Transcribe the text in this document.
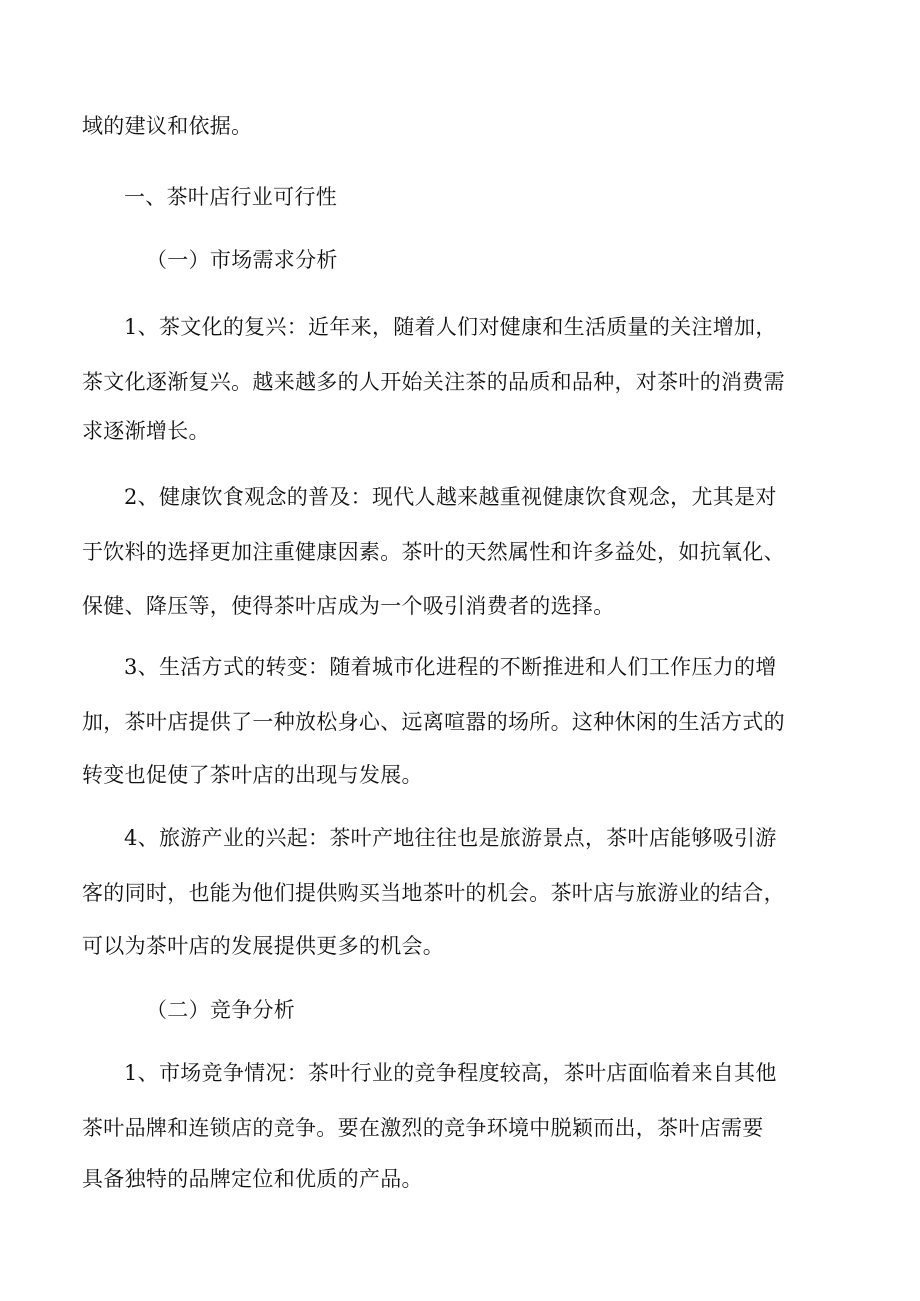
域的建议和依据。

一、茶叶店行业可行性

（一）市场需求分析

1、茶文化的复兴：近年来，随着人们对健康和生活质量的关注增加，

茶文化逐渐复兴。越来越多的人开始关注茶的品质和品种，对茶叶的消费需

求逐渐增长。

2、健康饮食观念的普及：现代人越来越重视健康饮食观念，尤其是对

于饮料的选择更加注重健康因素。茶叶的天然属性和许多益处，如抗氧化、

保健、降压等，使得茶叶店成为一个吸引消费者的选择。

3、生活方式的转变：随着城市化进程的不断推进和人们工作压力的增

加，茶叶店提供了一种放松身心、远离喧嚣的场所。这种休闲的生活方式的

转变也促使了茶叶店的出现与发展。

4、旅游产业的兴起：茶叶产地往往也是旅游景点，茶叶店能够吸引游

客的同时，也能为他们提供购买当地茶叶的机会。茶叶店与旅游业的结合，

可以为茶叶店的发展提供更多的机会。

（二）竞争分析

1、市场竞争情况：茶叶行业的竞争程度较高，茶叶店面临着来自其他

茶叶品牌和连锁店的竞争。要在激烈的竞争环境中脱颖而出，茶叶店需要

具备独特的品牌定位和优质的产品。
